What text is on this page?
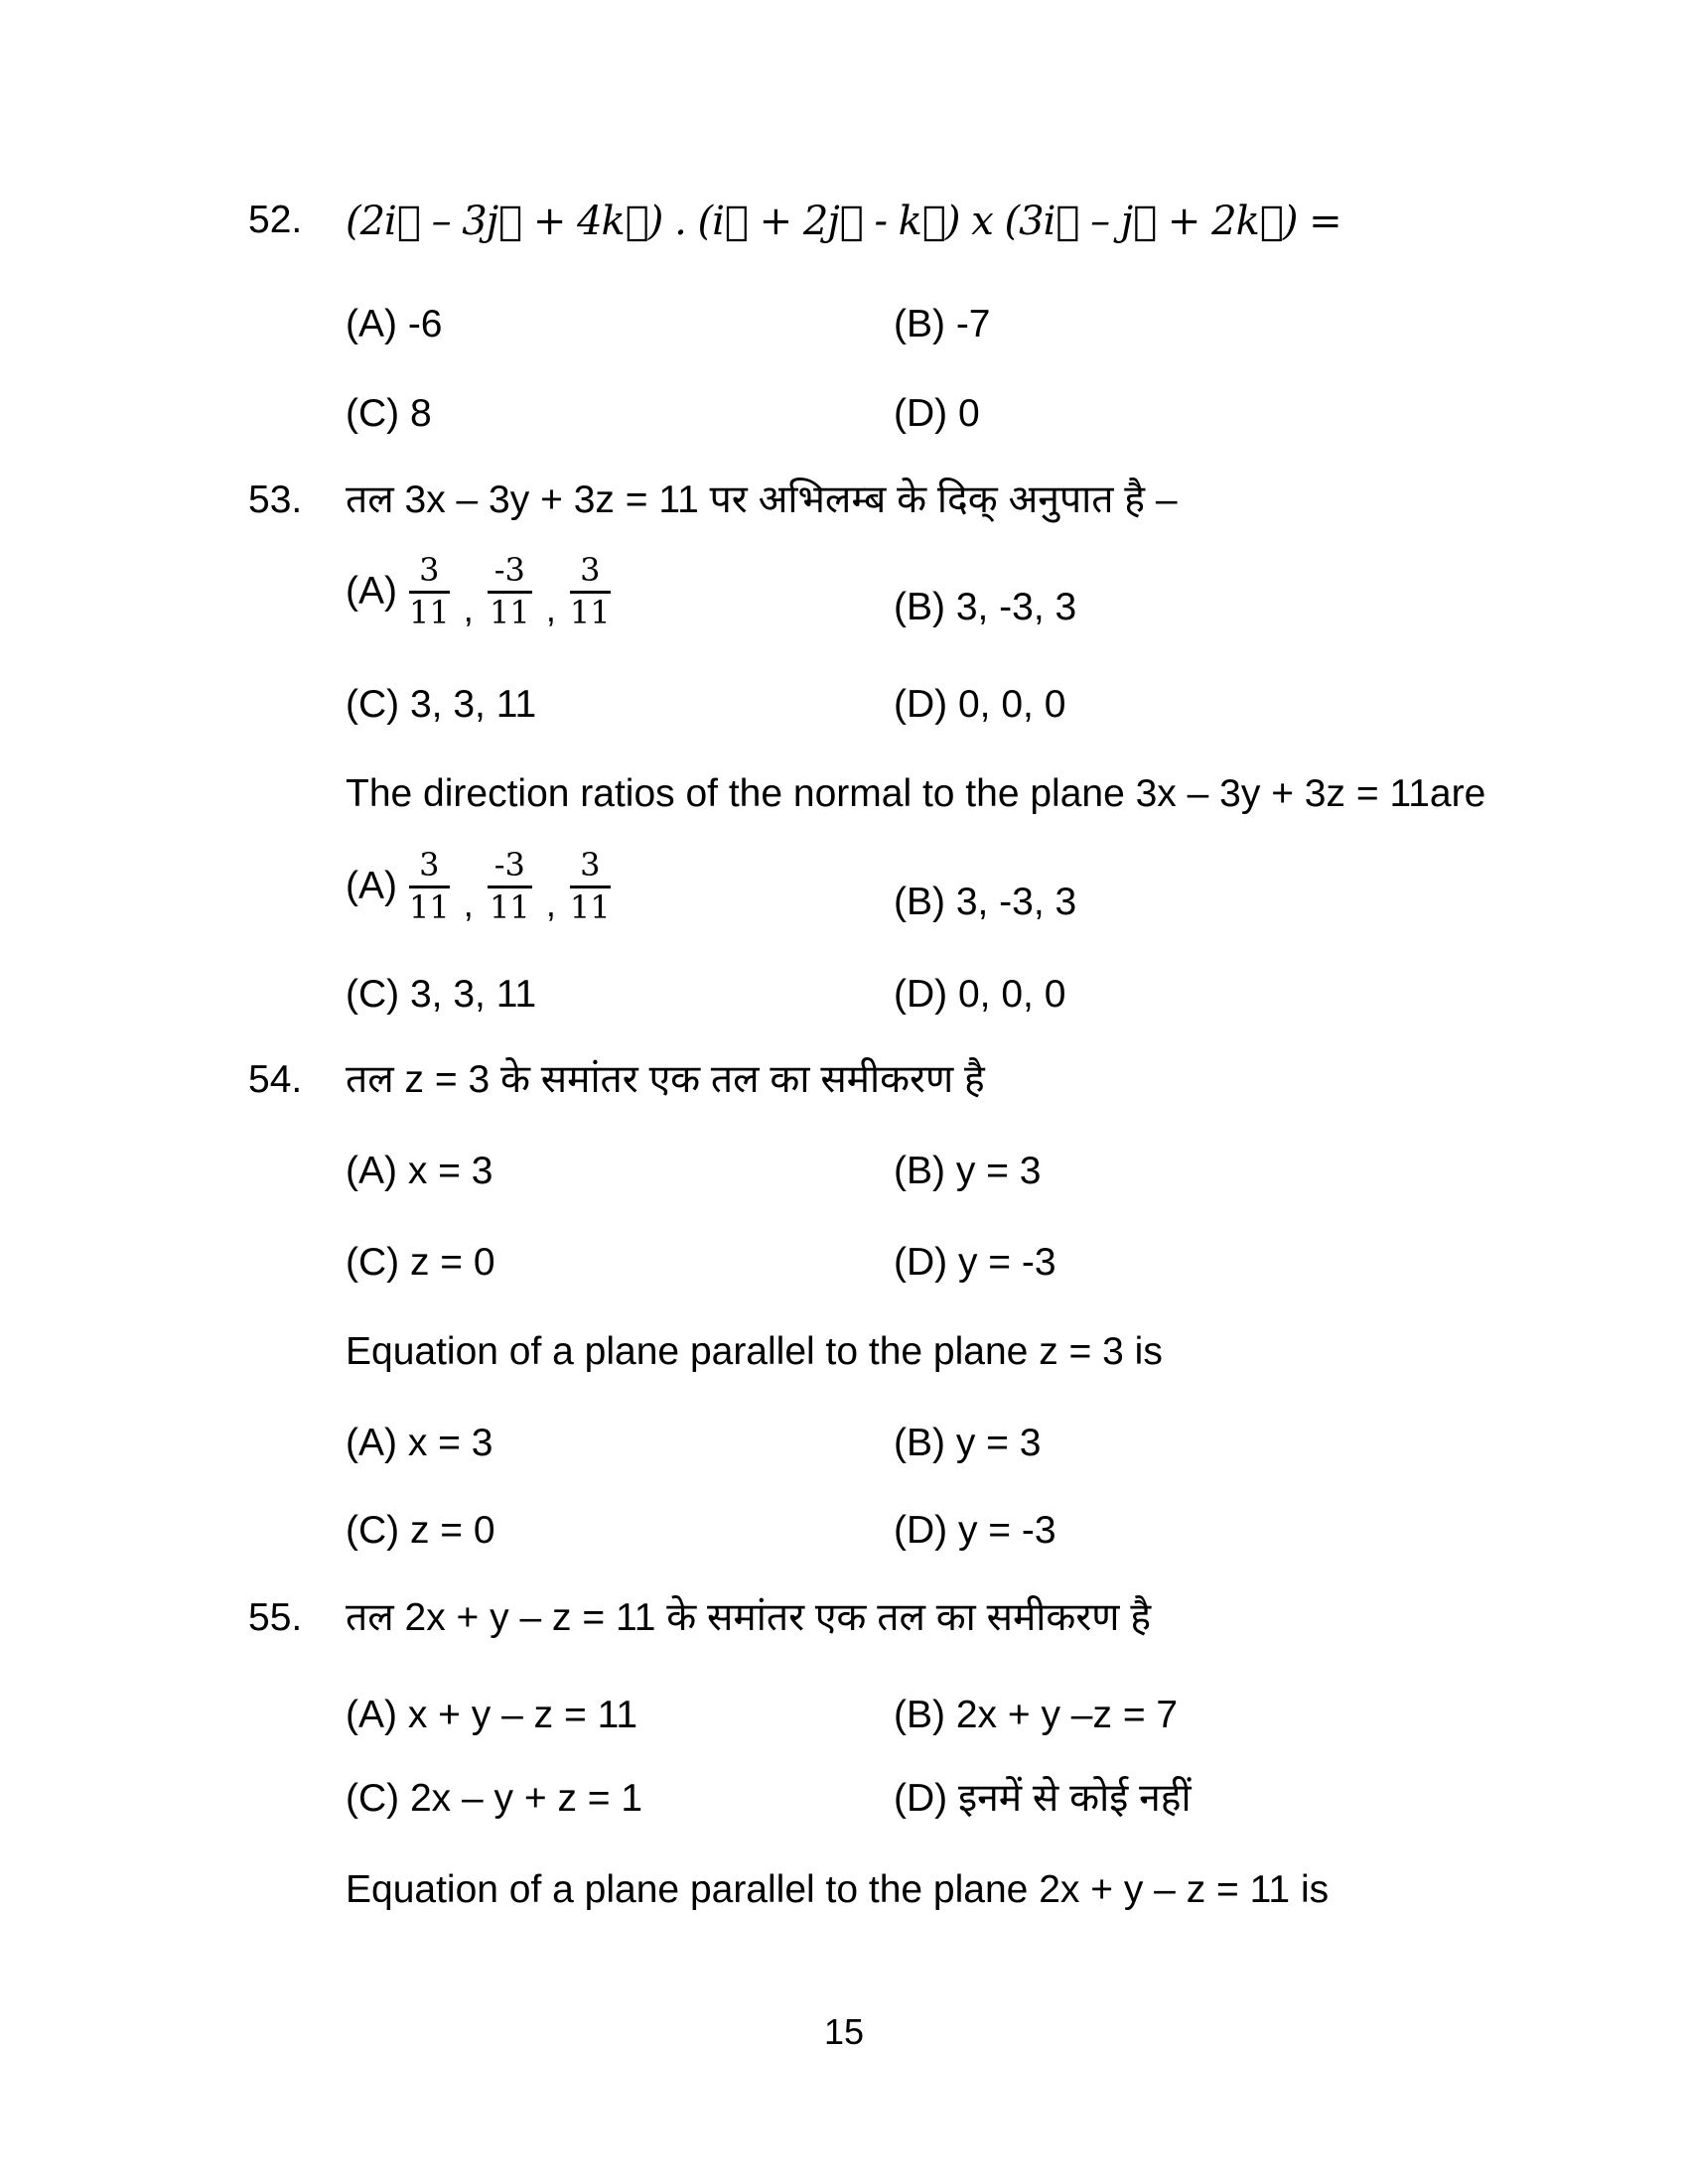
52. (2i⃗ – 3j⃗ + 4k⃗) . (i⃗ + 2j⃗ - k⃗) x (3i⃗ – j⃗ + 2k⃗) =
(A) -6	(B) -7
(C) 8	(D) 0
53. तल 3x – 3y + 3z = 11 पर अभिलम्ब के दिक् अनुपात है –
$(A) \frac{3}{11}$ , $\frac{-3}{11}$ , $\frac{3}{11}$	(B) 3, -3, 3
(C) 3, 3, 11	(D) 0, 0, 0
The direction ratios of the normal to the plane 3x – 3y + 3z = 11are
$(A) \frac{3}{11}$ , $\frac{-3}{11}$ , $\frac{3}{11}$	(B) 3, -3, 3
(C) 3, 3, 11	(D) 0, 0, 0
54. तल z = 3 के समांतर एक तल का समीकरण है
(A) x = 3	(B) y = 3
(C) z = 0	(D) y = -3
Equation of a plane parallel to the plane z = 3 is
(A) x = 3	(B) y = 3
(C) z = 0	(D) y = -3
55. तल 2x + y – z = 11 के समांतर एक तल का समीकरण है
(A) x + y – z = 11	(B) 2x + y –z = 7
(C) 2x – y + z = 1	(D) इनमें से कोई नहीं
Equation of a plane parallel to the plane 2x + y – z = 11 is
15
